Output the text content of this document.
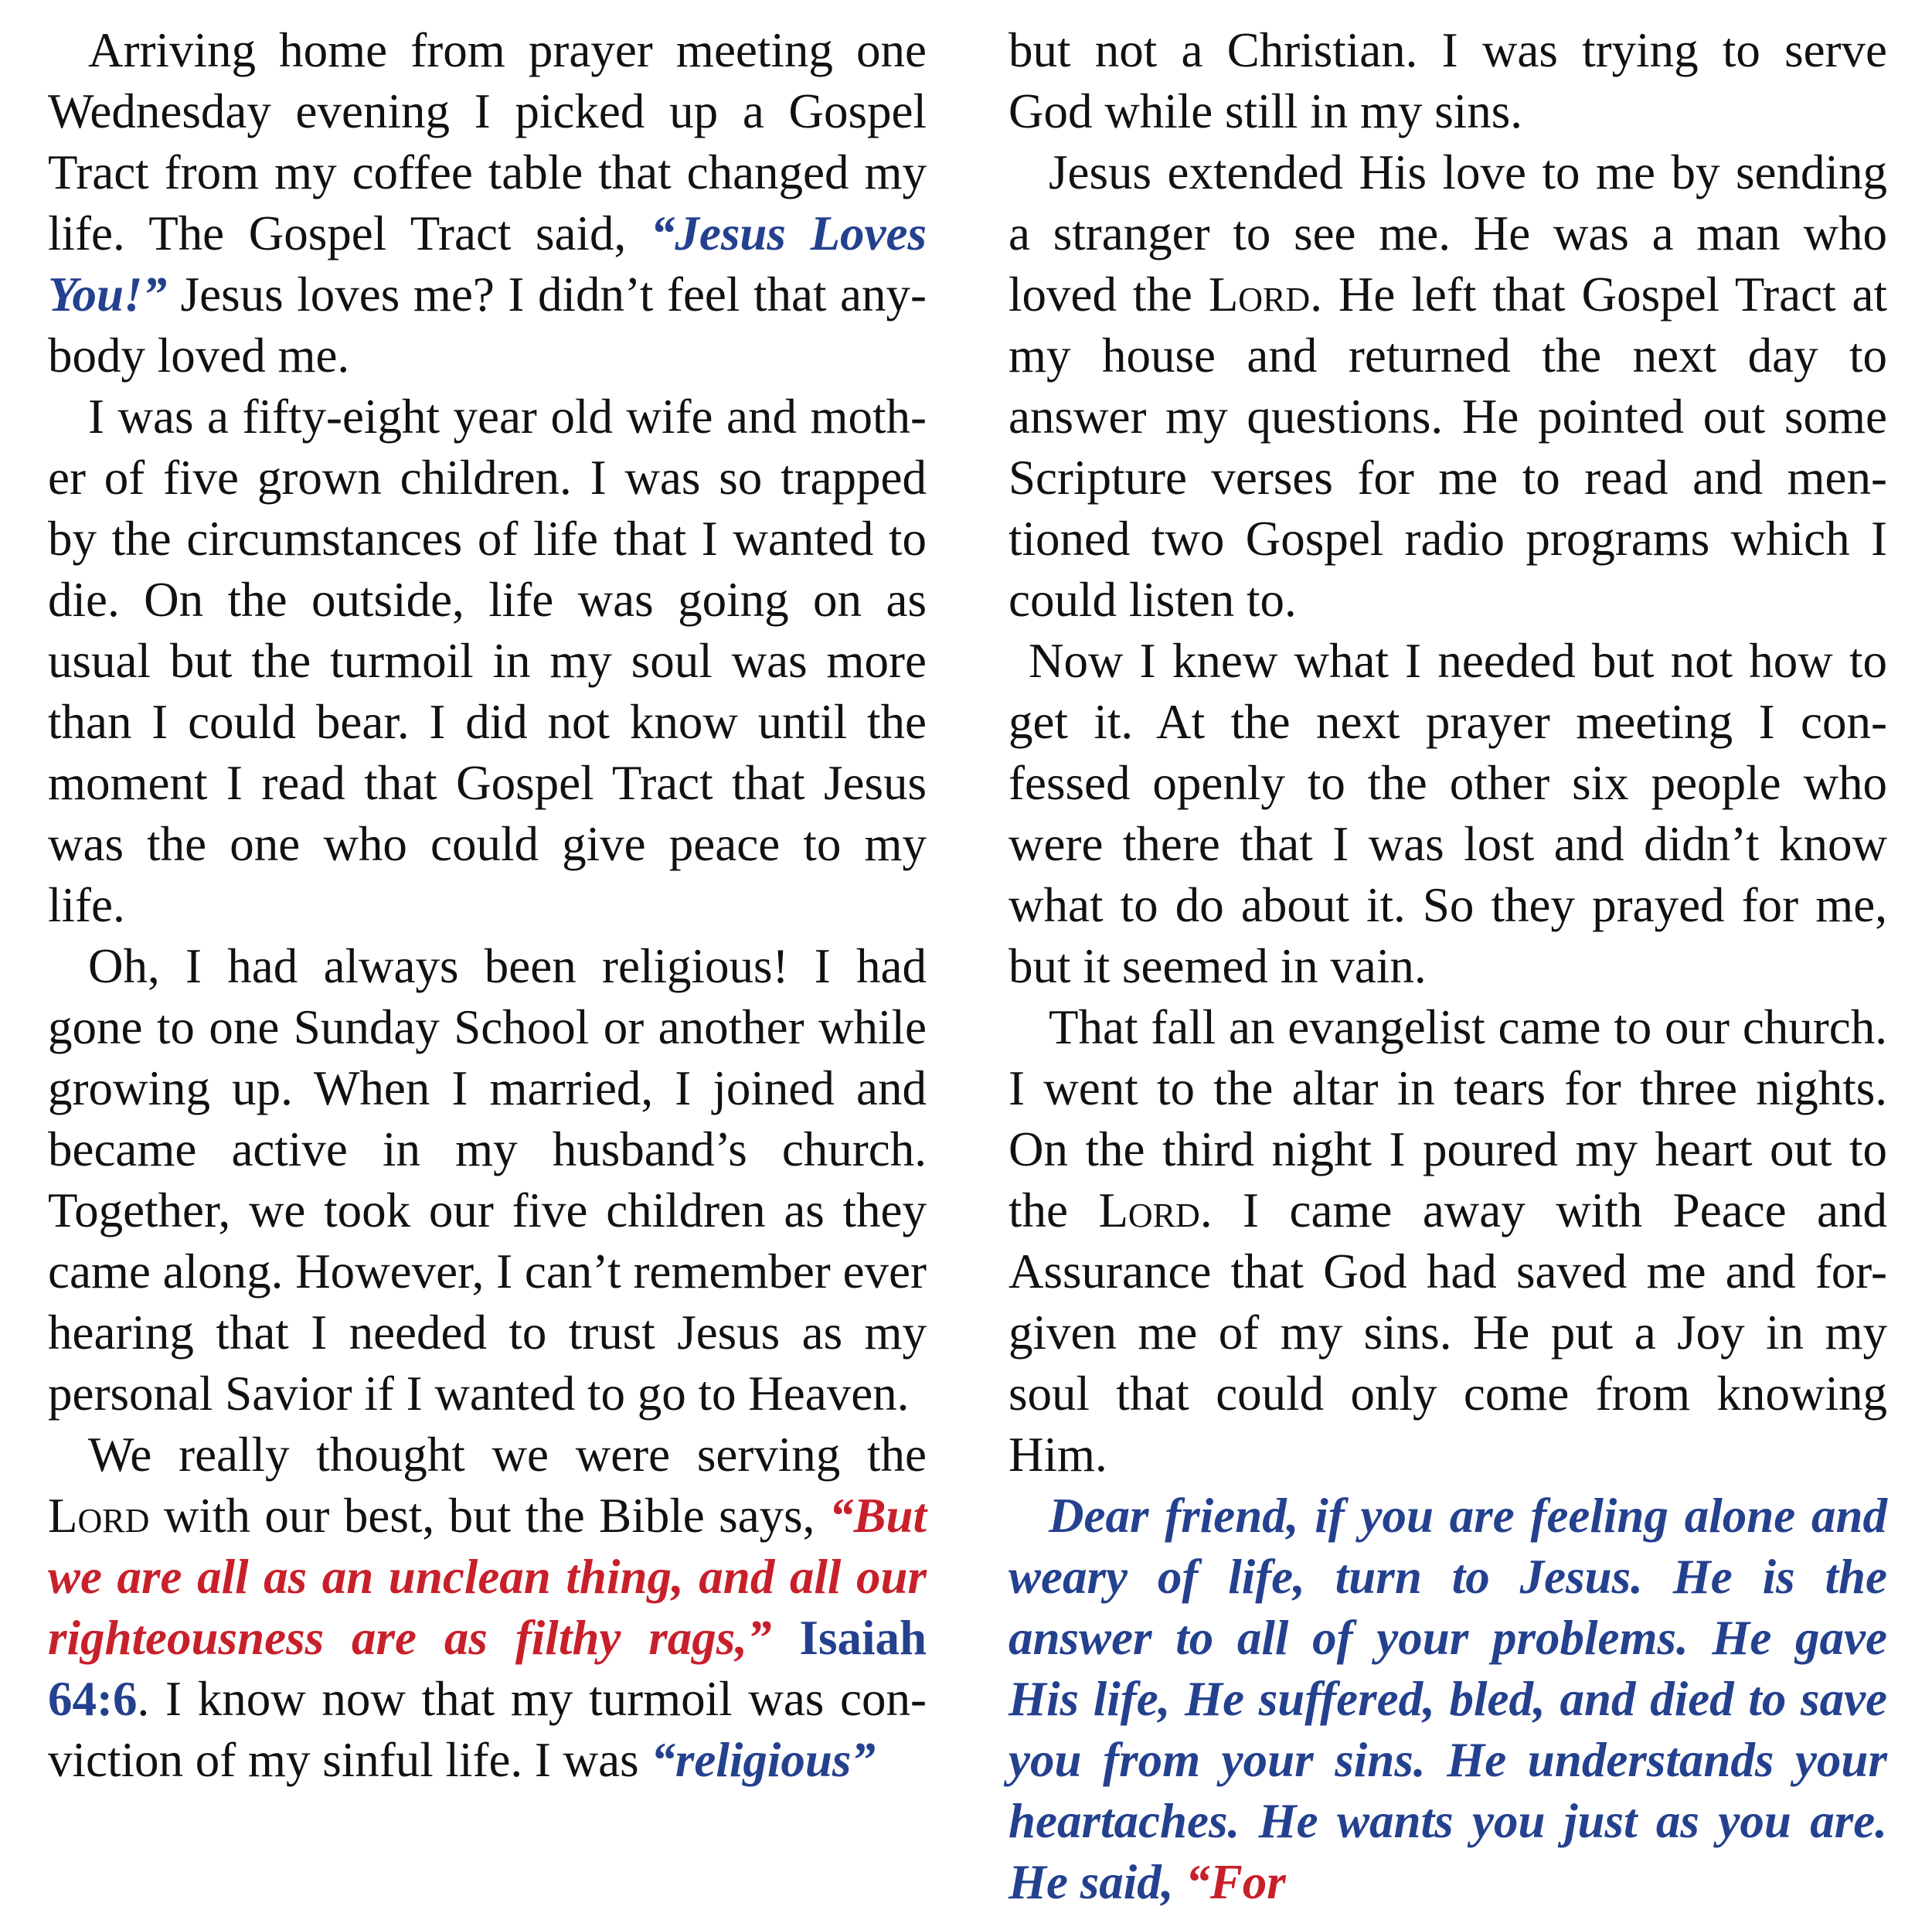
Arriving home from prayer meeting one Wednesday evening I picked up a Gospel Tract from my coffee table that changed my life. The Gospel Tract said, “Jesus Loves You!” Jesus loves me? I didn’t feel that any-body loved me.

I was a fifty-eight year old wife and moth-er of five grown children. I was so trapped by the circumstances of life that I wanted to die. On the outside, life was going on as usual but the turmoil in my soul was more than I could bear. I did not know until the moment I read that Gospel Tract that Jesus was the one who could give peace to my life.

Oh, I had always been religious! I had gone to one Sunday School or another while growing up. When I married, I joined and became active in my husband’s church. Together, we took our five children as they came along. However, I can’t remember ever hearing that I needed to trust Jesus as my personal Savior if I wanted to go to Heaven.

We really thought we were serving the Lord with our best, but the Bible says, “But we are all as an unclean thing, and all our righteousness are as filthy rags,” Isaiah 64:6. I know now that my turmoil was con-viction of my sinful life. I was “religious”

but not a Christian. I was trying to serve God while still in my sins.

Jesus extended His love to me by sending a stranger to see me. He was a man who loved the Lord. He left that Gospel Tract at my house and returned the next day to answer my questions. He pointed out some Scripture verses for me to read and men-tioned two Gospel radio programs which I could listen to.

Now I knew what I needed but not how to get it. At the next prayer meeting I con-fessed openly to the other six people who were there that I was lost and didn’t know what to do about it. So they prayed for me, but it seemed in vain.

That fall an evangelist came to our church. I went to the altar in tears for three nights. On the third night I poured my heart out to the Lord. I came away with Peace and Assurance that God had saved me and for-given me of my sins. He put a Joy in my soul that could only come from knowing Him.

Dear friend, if you are feeling alone and weary of life, turn to Jesus. He is the answer to all of your problems. He gave His life, He suffered, bled, and died to save you from your sins. He understands your heartaches. He wants you just as you are. He said, “For
